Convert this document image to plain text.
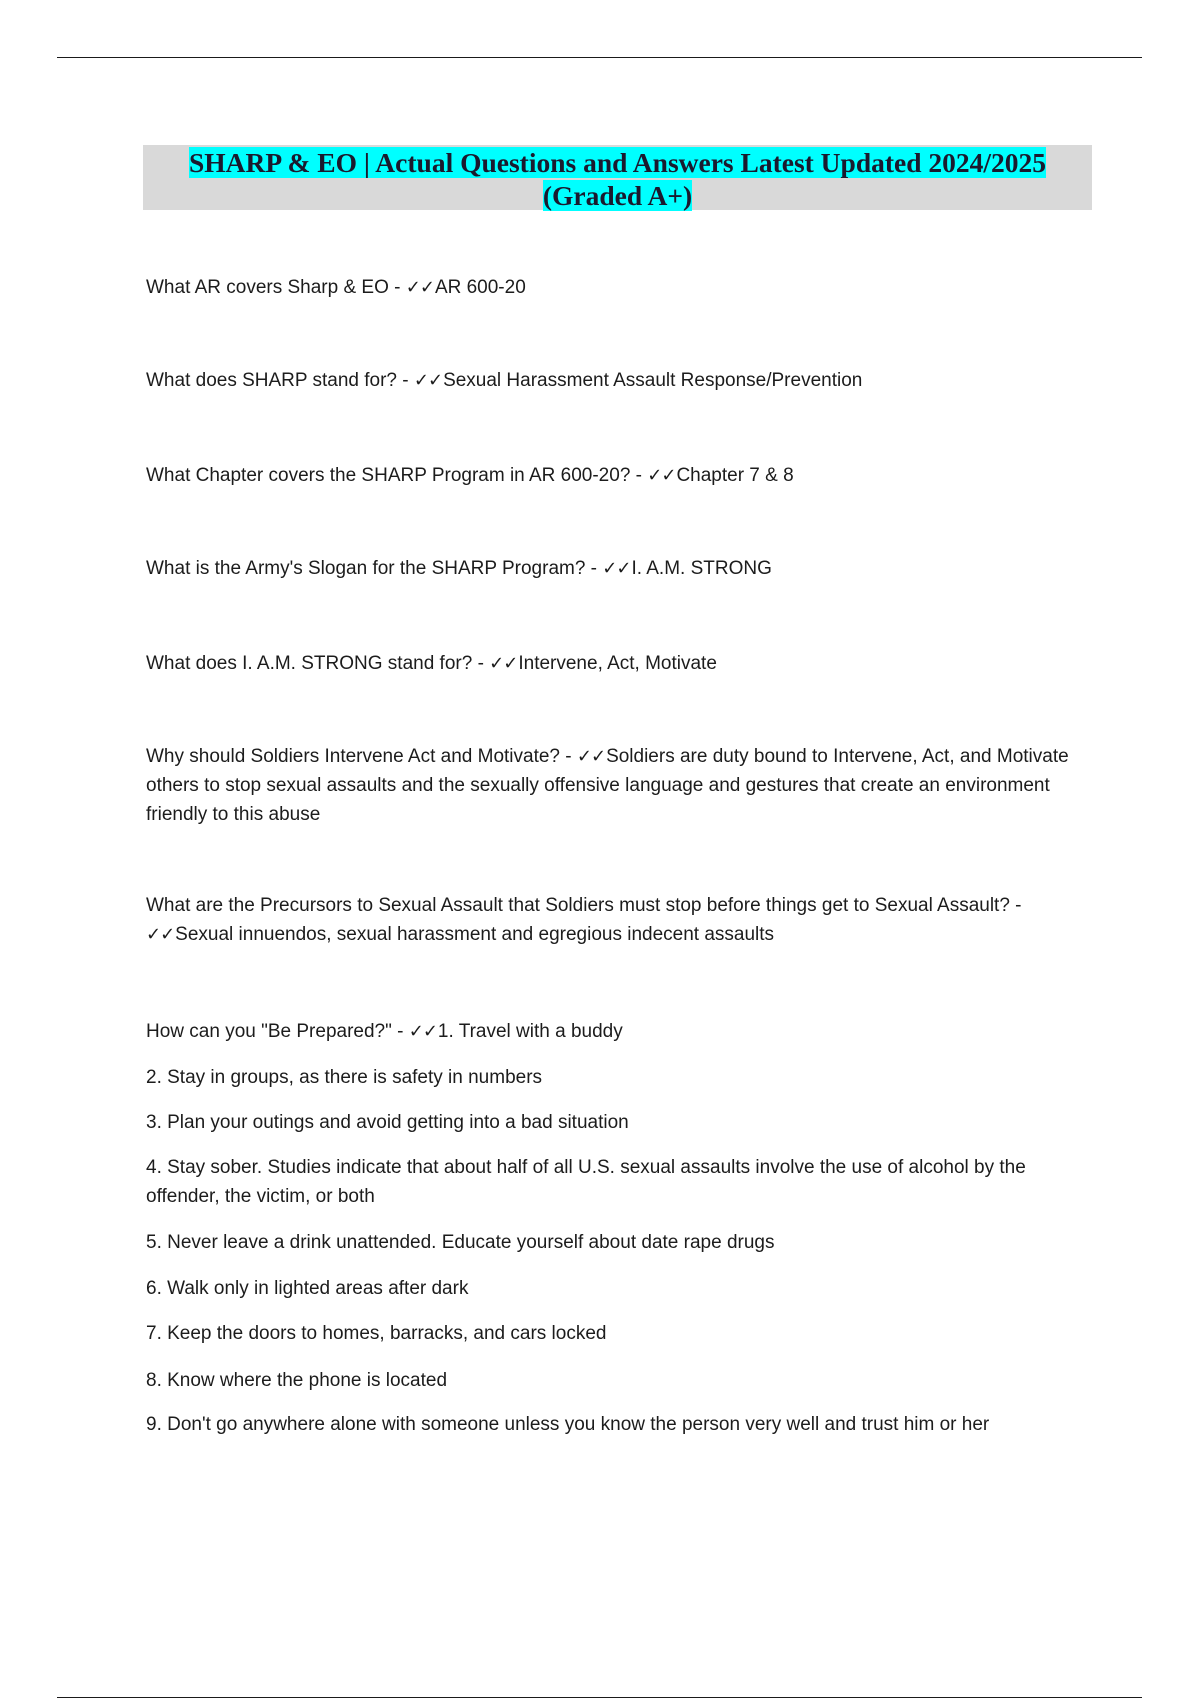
SHARP & EO | Actual Questions and Answers Latest Updated 2024/2025
(Graded A+)

What AR covers Sharp & EO - ✓✓AR 600-20

What does SHARP stand for? - ✓✓Sexual Harassment Assault Response/Prevention

What Chapter covers the SHARP Program in AR 600-20? - ✓✓Chapter 7 & 8

What is the Army's Slogan for the SHARP Program? - ✓✓I. A.M. STRONG

What does I. A.M. STRONG stand for? - ✓✓Intervene, Act, Motivate

Why should Soldiers Intervene Act and Motivate? - ✓✓Soldiers are duty bound to Intervene, Act, and Motivate others to stop sexual assaults and the sexually offensive language and gestures that create an environment friendly to this abuse

What are the Precursors to Sexual Assault that Soldiers must stop before things get to Sexual Assault? - ✓✓Sexual innuendos, sexual harassment and egregious indecent assaults

How can you "Be Prepared?" - ✓✓1. Travel with a buddy

2. Stay in groups, as there is safety in numbers
3. Plan your outings and avoid getting into a bad situation
4. Stay sober. Studies indicate that about half of all U.S. sexual assaults involve the use of alcohol by the offender, the victim, or both
5. Never leave a drink unattended. Educate yourself about date rape drugs
6. Walk only in lighted areas after dark
7. Keep the doors to homes, barracks, and cars locked
8. Know where the phone is located
9. Don't go anywhere alone with someone unless you know the person very well and trust him or her
